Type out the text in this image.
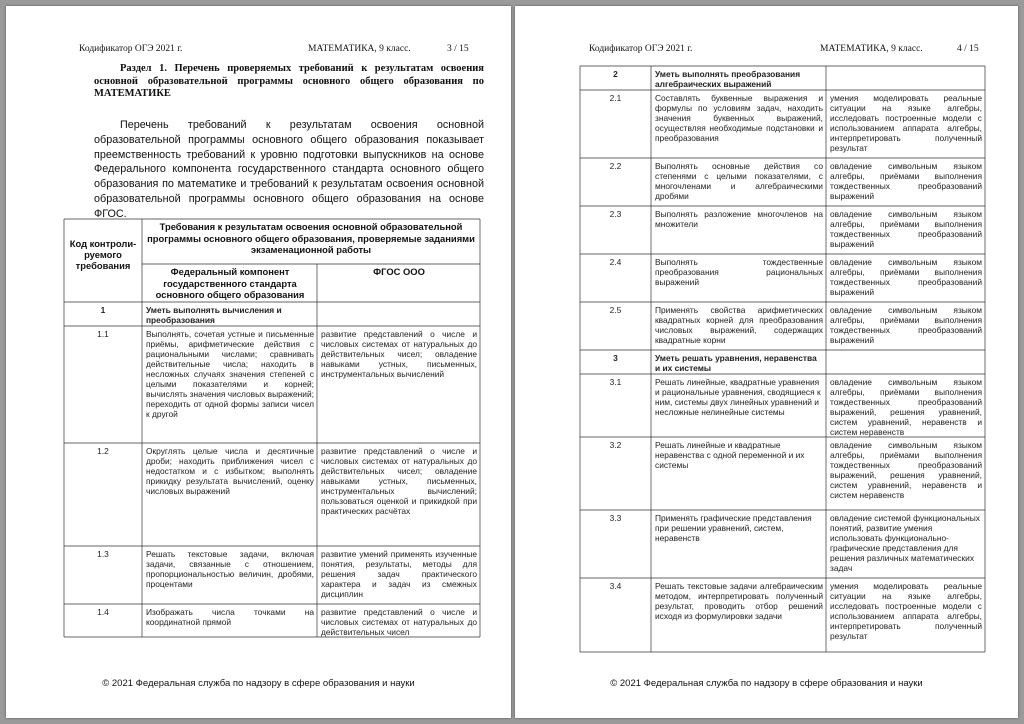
Кодификатор ОГЭ 2021 г.	МАТЕМАТИКА, 9 класс.	3 / 15
Раздел 1. Перечень проверяемых требований к результатам освоения основной образовательной программы основного общего образования по МАТЕМАТИКЕ
Перечень требований к результатам освоения основной образовательной программы основного общего образования показывает преемственность требований к уровню подготовки выпускников на основе Федерального компонента государственного стандарта основного общего образования по математике и требований к результатам освоения основной образовательной программы основного общего образования на основе ФГОС.
Код контроли-руемого требования
Требования к результатам освоения основной образовательной программы основного общего образования, проверяемые заданиями экзаменационной работы
Федеральный компонент государственного стандарта основного общего образования
ФГОС ООО
1	Уметь выполнять вычисления и преобразования
1.1	Выполнять, сочетая устные и письменные приёмы, арифметические действия с рациональными числами; сравнивать действительные числа; находить в несложных случаях значения степеней с целыми показателями и корней; вычислять значения числовых выражений; переходить от одной формы записи чисел к другой
развитие представлений о числе и числовых системах от натуральных до действительных чисел; овладение навыками устных, письменных, инструментальных вычислений
1.2	Округлять целые числа и десятичные дроби; находить приближения чисел с недостатком и с избытком; выполнять прикидку результата вычислений, оценку числовых выражений
развитие представлений о числе и числовых системах от натуральных до действительных чисел; овладение навыками устных, письменных, инструментальных вычислений; пользоваться оценкой и прикидкой при практических расчётах
1.3	Решать текстовые задачи, включая задачи, связанные с отношением, пропорциональностью величин, дробями, процентами
развитие умений применять изученные понятия, результаты, методы для решения задач практического характера и задач из смежных дисциплин
1.4	Изображать числа точками на координатной прямой
развитие представлений о числе и числовых системах от натуральных до действительных чисел
© 2021 Федеральная служба по надзору в сфере образования и науки
Кодификатор ОГЭ 2021 г.	МАТЕМАТИКА, 9 класс.	4 / 15
2	Уметь выполнять преобразования алгебраических выражений
2.1	Составлять буквенные выражения и формулы по условиям задач, находить значения буквенных выражений, осуществляя необходимые подстановки и преобразования
умения моделировать реальные ситуации на языке алгебры, исследовать построенные модели с использованием аппарата алгебры, интерпретировать полученный результат
2.2	Выполнять основные действия со степенями с целыми показателями, с многочленами и алгебраическими дробями
овладение символьным языком алгебры, приёмами выполнения тождественных преобразований выражений
2.3	Выполнять разложение многочленов на множители
овладение символьным языком алгебры, приёмами выполнения тождественных преобразований выражений
2.4	Выполнять тождественные преобразования рациональных выражений
овладение символьным языком алгебры, приёмами выполнения тождественных преобразований выражений
2.5	Применять свойства арифметических квадратных корней для преобразования числовых выражений, содержащих квадратные корни
овладение символьным языком алгебры, приёмами выполнения тождественных преобразований выражений
3	Уметь решать уравнения, неравенства и их системы
3.1	Решать линейные, квадратные уравнения и рациональные уравнения, сводящиеся к ним, системы двух линейных уравнений и несложные нелинейные системы
овладение символьным языком алгебры, приёмами выполнения тождественных преобразований выражений, решения уравнений, систем уравнений, неравенств и систем неравенств
3.2	Решать линейные и квадратные неравенства с одной переменной и их системы
овладение символьным языком алгебры, приёмами выполнения тождественных преобразований выражений, решения уравнений, систем уравнений, неравенств и систем неравенств
3.3	Применять графические представления при решении уравнений, систем, неравенств
овладение системой функциональных понятий, развитие умения использовать функционально-графические представления для решения различных математических задач
3.4	Решать текстовые задачи алгебраическим методом, интерпретировать полученный результат, проводить отбор решений исходя из формулировки задачи
умения моделировать реальные ситуации на языке алгебры, исследовать построенные модели с использованием аппарата алгебры, интерпретировать полученный результат
© 2021 Федеральная служба по надзору в сфере образования и науки
